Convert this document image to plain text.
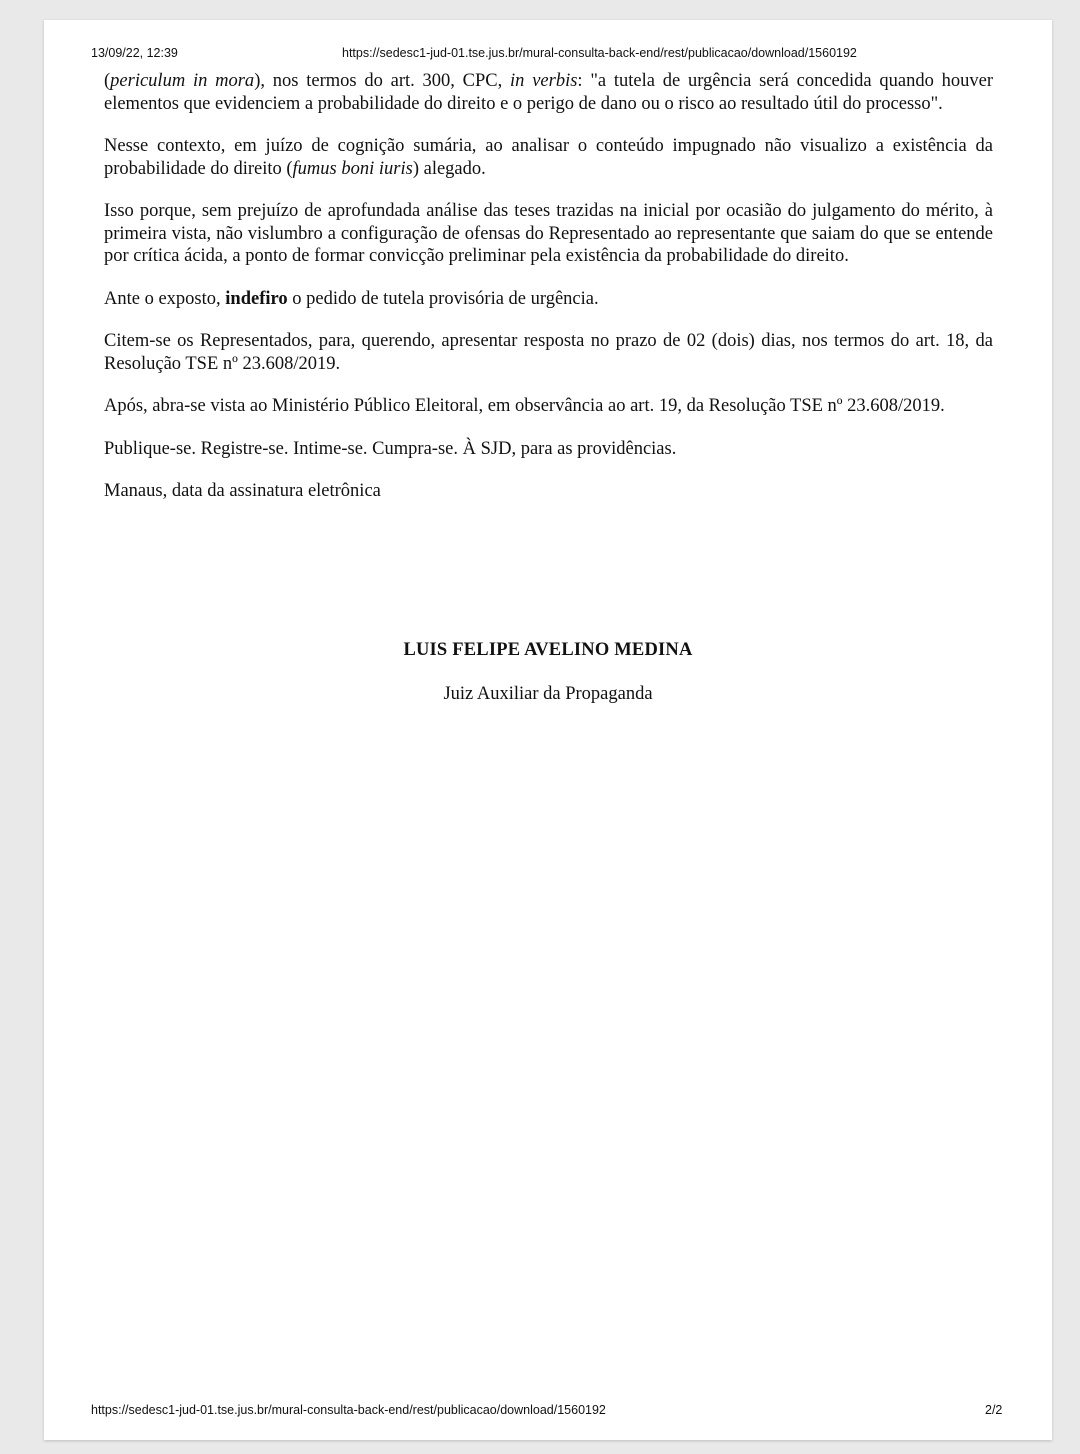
13/09/22, 12:39	https://sedesc1-jud-01.tse.jus.br/mural-consulta-back-end/rest/publicacao/download/1560192

(periculum in mora), nos termos do art. 300, CPC, in verbis: "a tutela de urgência será concedida quando houver elementos que evidenciem a probabilidade do direito e o perigo de dano ou o risco ao resultado útil do processo".

Nesse contexto, em juízo de cognição sumária, ao analisar o conteúdo impugnado não visualizo a existência da probabilidade do direito (fumus boni iuris) alegado.

Isso porque, sem prejuízo de aprofundada análise das teses trazidas na inicial por ocasião do julgamento do mérito, à primeira vista, não vislumbro a configuração de ofensas do Representado ao representante que saiam do que se entende por crítica ácida, a ponto de formar convicção preliminar pela existência da probabilidade do direito.

Ante o exposto, indefiro o pedido de tutela provisória de urgência.

Citem-se os Representados, para, querendo, apresentar resposta no prazo de 02 (dois) dias, nos termos do art. 18, da Resolução TSE nº 23.608/2019.

Após, abra-se vista ao Ministério Público Eleitoral, em observância ao art. 19, da Resolução TSE nº 23.608/2019.

Publique-se. Registre-se. Intime-se. Cumpra-se. À SJD, para as providências.

Manaus, data da assinatura eletrônica

LUIS FELIPE AVELINO MEDINA
Juiz Auxiliar da Propaganda
https://sedesc1-jud-01.tse.jus.br/mural-consulta-back-end/rest/publicacao/download/1560192	2/2
